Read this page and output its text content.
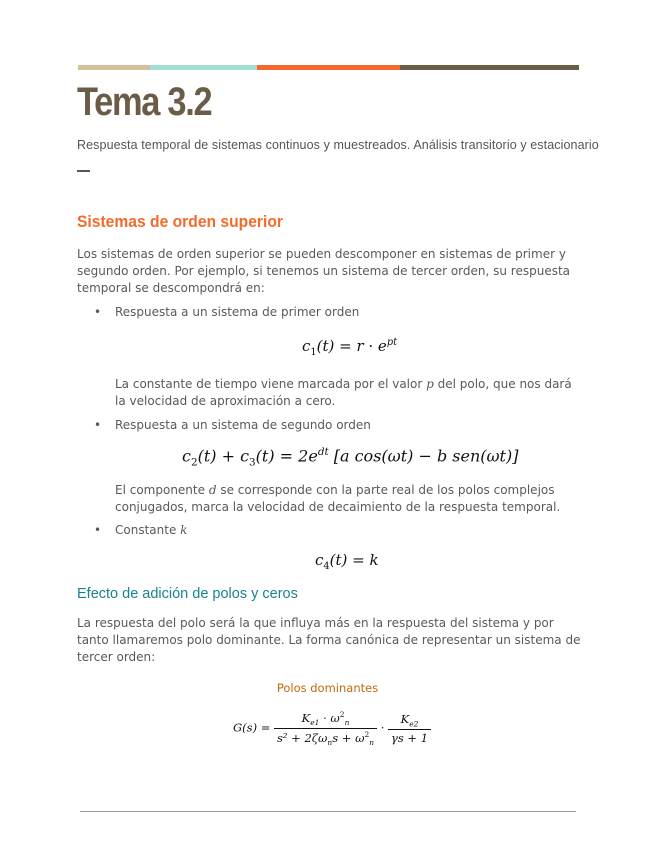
Tema 3.2
Respuesta temporal de sistemas continuos y muestreados. Análisis transitorio y estacionario
Sistemas de orden superior
Los sistemas de orden superior se pueden descomponer en sistemas de primer y segundo orden. Por ejemplo, si tenemos un sistema de tercer orden, su respuesta temporal se descompondrá en:
Respuesta a un sistema de primer orden
$c_1(t) = r \cdot e^{pt}$
La constante de tiempo viene marcada por el valor p del polo, que nos dará la velocidad de aproximación a cero.
Respuesta a un sistema de segundo orden
$c_2(t) + c_3(t) = 2e^{dt}$ [a cos(ωt) − b sen(ωt)]
El componente d se corresponde con la parte real de los polos complejos conjugados, marca la velocidad de decaimiento de la respuesta temporal.
Constante k
$c_4(t) = k$
Efecto de adición de polos y ceros
La respuesta del polo será la que influya más en la respuesta del sistema y por tanto llamaremos polo dominante. La forma canónica de representar un sistema de tercer orden:
Polos dominantes
$G(s) = \frac{K_{e1} \cdot \omega^2_n}{s^2 + 2\zeta\omega_ns + \omega^2_n} \cdot \frac{K_{e2}}{\gamma s + 1}$
